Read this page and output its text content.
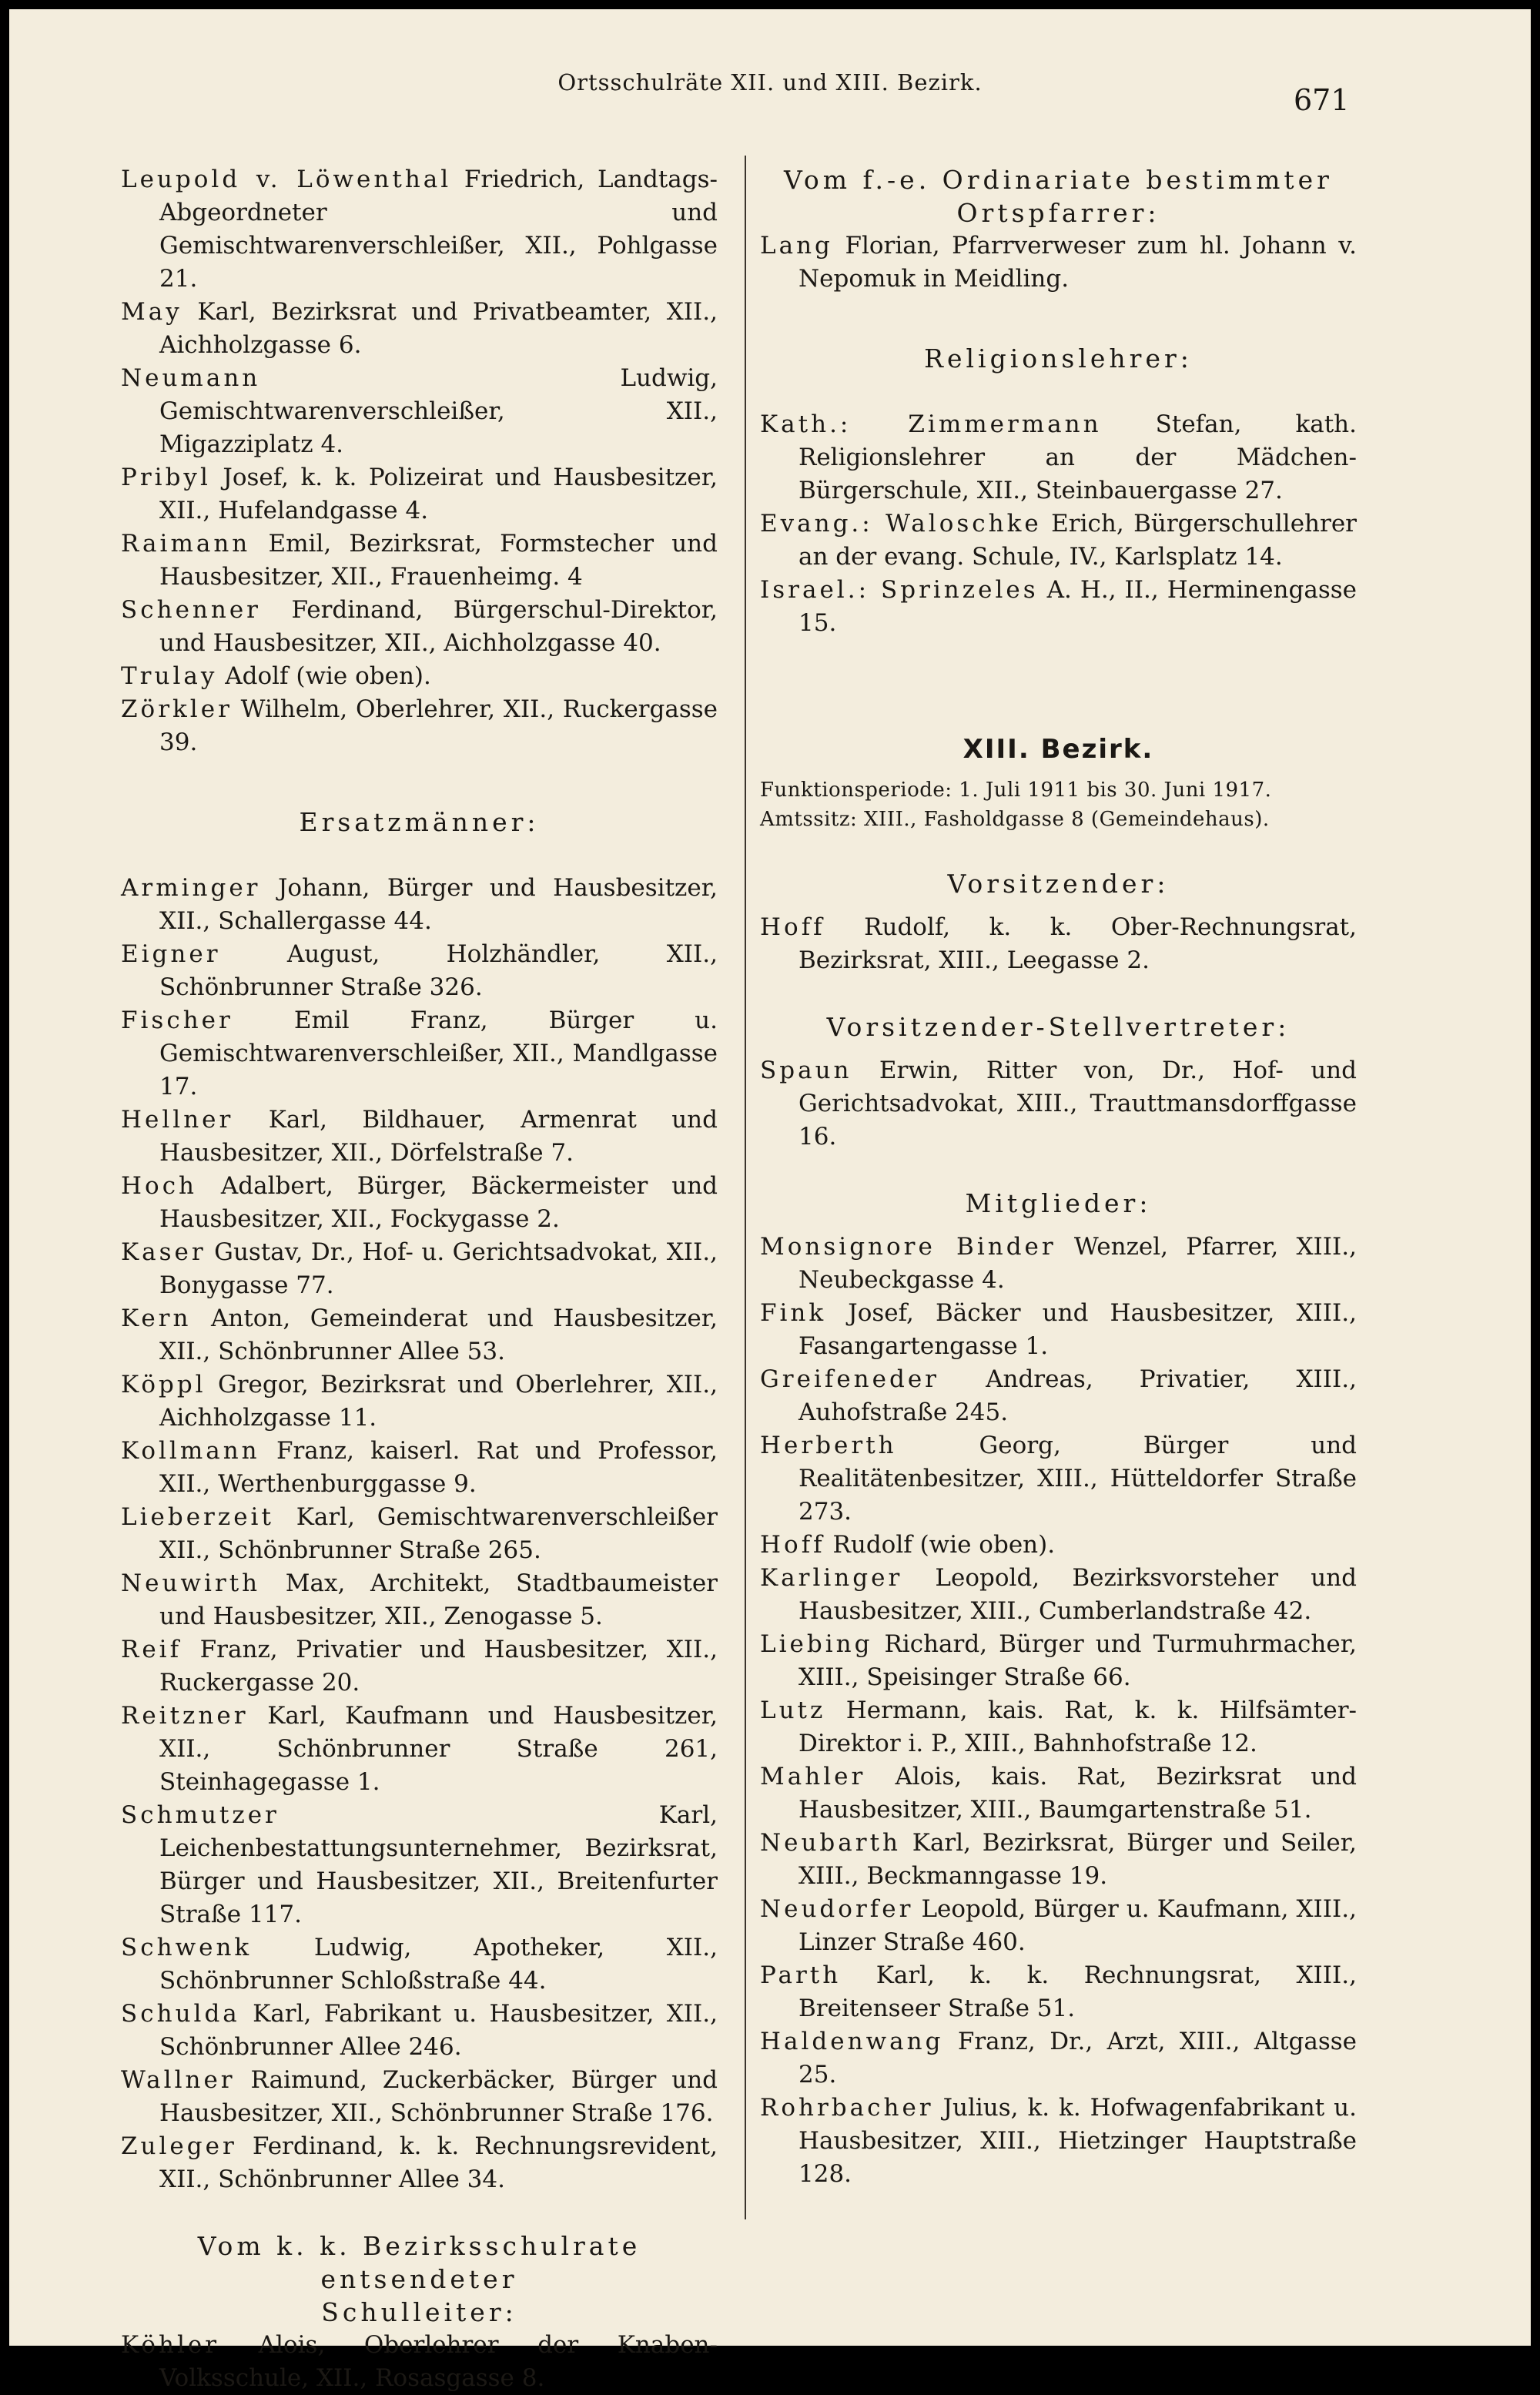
Ortsschulräte XII. und XIII. Bezirk.
671

Leupold v. Löwenthal Friedrich, Landtags-Abgeordneter und Gemischtwarenverschleißer, XII., Pohlgasse 21.

May Karl, Bezirksrat und Privatbeamter, XII., Aichholzgasse 6.

Neumann Ludwig, Gemischtwarenverschleißer, XII., Migazziplatz 4.

Pribyl Josef, k. k. Polizeirat und Hausbesitzer, XII., Hufelandgasse 4.

Raimann Emil, Bezirksrat, Formstecher und Hausbesitzer, XII., Frauenheimg. 4

Schenner Ferdinand, Bürgerschul-Direktor, und Hausbesitzer, XII., Aichholzgasse 40.

Trulay Adolf (wie oben).

Zörkler Wilhelm, Oberlehrer, XII., Ruckergasse 39.

Ersatzmänner:

Arminger Johann, Bürger und Hausbesitzer, XII., Schallergasse 44.

Eigner August, Holzhändler, XII., Schönbrunner Straße 326.

Fischer Emil Franz, Bürger u. Gemischtwarenverschleißer, XII., Mandlgasse 17.

Hellner Karl, Bildhauer, Armenrat und Hausbesitzer, XII., Dörfelstraße 7.

Hoch Adalbert, Bürger, Bäckermeister und Hausbesitzer, XII., Fockygasse 2.

Kaser Gustav, Dr., Hof- u. Gerichtsadvokat, XII., Bonygasse 77.

Kern Anton, Gemeinderat und Hausbesitzer, XII., Schönbrunner Allee 53.

Köppl Gregor, Bezirksrat und Oberlehrer, XII., Aichholzgasse 11.

Kollmann Franz, kaiserl. Rat und Professor, XII., Werthenburggasse 9.

Lieberzeit Karl, Gemischtwarenverschleißer XII., Schönbrunner Straße 265.

Neuwirth Max, Architekt, Stadtbaumeister und Hausbesitzer, XII., Zenogasse 5.

Reif Franz, Privatier und Hausbesitzer, XII., Ruckergasse 20.

Reitzner Karl, Kaufmann und Hausbesitzer, XII., Schönbrunner Straße 261, Steinhagegasse 1.

Schmutzer Karl, Leichenbestattungsunternehmer, Bezirksrat, Bürger und Hausbesitzer, XII., Breitenfurter Straße 117.

Schwenk Ludwig, Apotheker, XII., Schönbrunner Schloßstraße 44.

Schulda Karl, Fabrikant u. Hausbesitzer, XII., Schönbrunner Allee 246.

Wallner Raimund, Zuckerbäcker, Bürger und Hausbesitzer, XII., Schönbrunner Straße 176.

Zuleger Ferdinand, k. k. Rechnungsrevident, XII., Schönbrunner Allee 34.

Vom k. k. Bezirksschulrate entsendeter

Schulleiter:

Köhler Alois, Oberlehrer der Knaben-Volksschule, XII., Rosasgasse 8.

Vom f.-e. Ordinariate bestimmter

Ortspfarrer:

Lang Florian, Pfarrverweser zum hl. Johann v. Nepomuk in Meidling.

Religionslehrer:

Kath.: Zimmermann Stefan, kath. Religionslehrer an der Mädchen-Bürgerschule, XII., Steinbauergasse 27.

Evang.: Waloschke Erich, Bürgerschullehrer an der evang. Schule, IV., Karlsplatz 14.

Israel.: Sprinzeles A. H., II., Herminengasse 15.

XIII. Bezirk.

Funktionsperiode: 1. Juli 1911 bis 30. Juni 1917.

Amtssitz: XIII., Fasholdgasse 8 (Gemeindehaus).

Vorsitzender:

Hoff Rudolf, k. k. Ober-Rechnungsrat, Bezirksrat, XIII., Leegasse 2.

Vorsitzender-Stellvertreter:

Spaun Erwin, Ritter von, Dr., Hof- und Gerichtsadvokat, XIII., Trauttmansdorffgasse 16.

Mitglieder:

Monsignore Binder Wenzel, Pfarrer, XIII., Neubeckgasse 4.

Fink Josef, Bäcker und Hausbesitzer, XIII., Fasangartengasse 1.

Greifeneder Andreas, Privatier, XIII., Auhofstraße 245.

Herberth Georg, Bürger und Realitätenbesitzer, XIII., Hütteldorfer Straße 273.

Hoff Rudolf (wie oben).

Karlinger Leopold, Bezirksvorsteher und Hausbesitzer, XIII., Cumberlandstraße 42.

Liebing Richard, Bürger und Turmuhrmacher, XIII., Speisinger Straße 66.

Lutz Hermann, kais. Rat, k. k. Hilfsämter-Direktor i. P., XIII., Bahnhofstraße 12.

Mahler Alois, kais. Rat, Bezirksrat und Hausbesitzer, XIII., Baumgartenstraße 51.

Neubarth Karl, Bezirksrat, Bürger und Seiler, XIII., Beckmanngasse 19.

Neudorfer Leopold, Bürger u. Kaufmann, XIII., Linzer Straße 460.

Parth Karl, k. k. Rechnungsrat, XIII., Breitenseer Straße 51.

Haldenwang Franz, Dr., Arzt, XIII., Altgasse 25.

Rohrbacher Julius, k. k. Hofwagenfabrikant u. Hausbesitzer, XIII., Hietzinger Hauptstraße 128.
